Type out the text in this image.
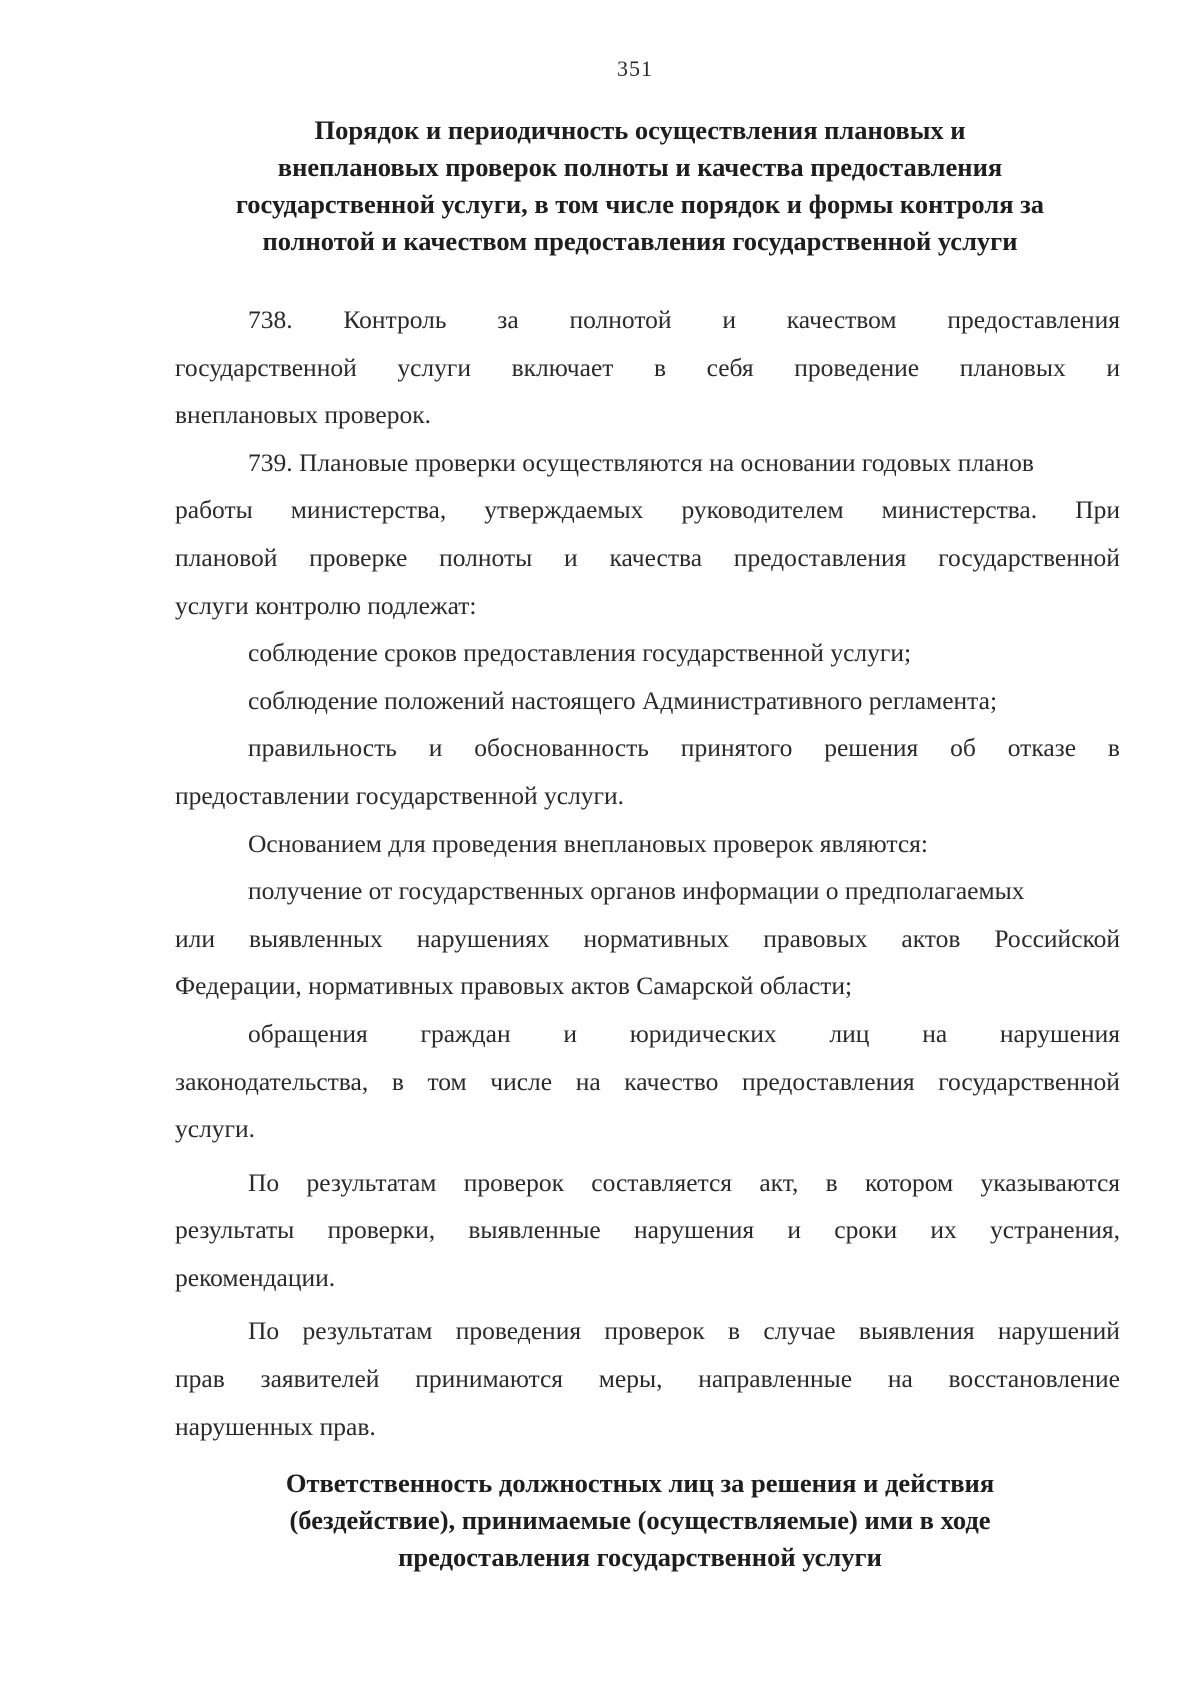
351
Порядок и периодичность осуществления плановых и
внеплановых проверок полноты и качества предоставления
государственной услуги, в том числе порядок и формы контроля за
полнотой и качеством предоставления государственной услуги
738. Контроль за полнотой и качеством предоставления
государственной услуги включает в себя проведение плановых и
внеплановых проверок.
739. Плановые проверки осуществляются на основании годовых планов
работы министерства, утверждаемых руководителем министерства. При
плановой проверке полноты и качества предоставления государственной
услуги контролю подлежат:
соблюдение сроков предоставления государственной услуги;
соблюдение положений настоящего Административного регламента;
правильность и обоснованность принятого решения об отказе в
предоставлении государственной услуги.
Основанием для проведения внеплановых проверок являются:
получение от государственных органов информации о предполагаемых
или выявленных нарушениях нормативных правовых актов Российской
Федерации, нормативных правовых актов Самарской области;
обращения граждан и юридических лиц на нарушения
законодательства, в том числе на качество предоставления государственной
услуги.
По результатам проверок составляется акт, в котором указываются
результаты проверки, выявленные нарушения и сроки их устранения,
рекомендации.
По результатам проведения проверок в случае выявления нарушений
прав заявителей принимаются меры, направленные на восстановление
нарушенных прав.
Ответственность должностных лиц за решения и действия
(бездействие), принимаемые (осуществляемые) ими в ходе
предоставления государственной услуги
